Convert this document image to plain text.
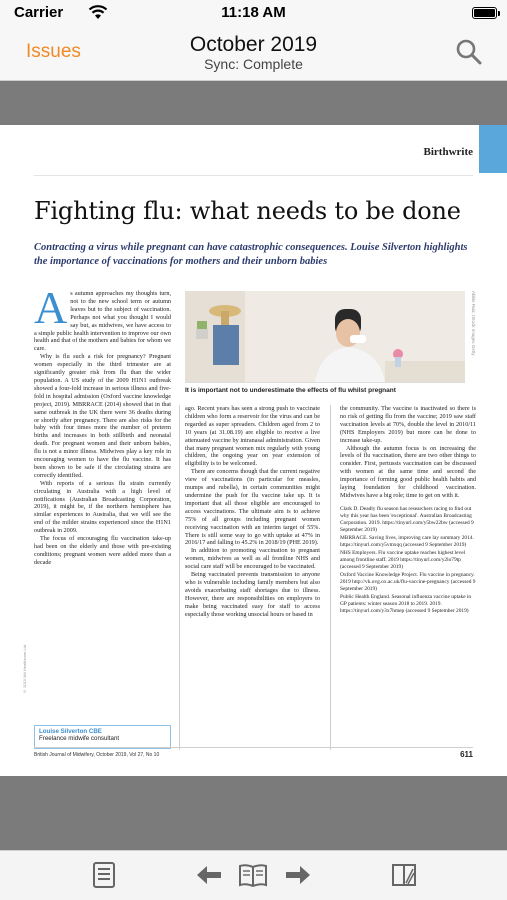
Carrier	11:18 AM
Issues	October 2019
Sync: Complete
Birthwrite
Fighting flu: what needs to be done
Contracting a virus while pregnant can have catastrophic consequences. Louise Silverton highlights the importance of vaccinations for mothers and their unborn babies
A s autumn approaches my thoughts turn, not to the new school term or autumn leaves but to the subject of vaccination. Perhaps not what you thought I would say but, as midwives, we have access to a simple public health intervention to improve our own health and that of the mothers and babies for whom we care.

Why is flu such a risk for pregnancy? Pregnant women especially in the third trimester are at significantly greater risk from flu than the wider population. A US study of the 2009 H1N1 outbreak showed a four-fold increase in serious illness and five-fold in hospital admission (Oxford vaccine knowledge project, 2019). MBRRACE (2014) showed that in that same outbreak in the UK there were 36 deaths during or shortly after pregnancy. There are also risks for the baby with four times more the number of preterm births and increases in both stillbirth and neonatal death. For pregnant women and their unborn babies, flu is not a minor illness. Midwives play a key role in encouraging women to have the flu vaccine. It has been shown to be safe if the circulating strains are correctly identified.

With reports of a serious flu strain currently circulating in Australia with a high level of notifications (Australian Broadcasting Corporation, 2019), it might be, if the northern hemisphere has similar experiences to Australia, that we will see the end of the milder strains experienced since the H1N1 outbreak in 2009.

The focus of encouraging flu vaccination take-up had been on the elderly and those with pre-existing conditions; pregnant women were added more than a decade

Abbie Ruiz, iStock Images Getty
It is important not to underestimate the effects of flu whilst pregnant

ago. Recent years has seen a strong push to vaccinate children who form a reservoir for the virus and can be regarded as super spreaders. Children aged from 2 to 10 years (at 31.08.19) are eligible to receive a live attenuated vaccine by intranasal administration. Given that many pregnant women mix regularly with young children, the ongoing year on year extension of eligibility is to be welcomed.

There are concerns though that the current negative view of vaccinations (in particular for measles, mumps and rubella), in certain communities might undermine the push for flu vaccine take up. It is important that all those eligible are encouraged to access vaccinations. The ultimate aim is to achieve 75% of all groups including pregnant women receiving vaccination with an interim target of 55%. There is still some way to go with uptake at 47% in 2016/17 and falling to 45.2% in 2018/19 (PHE 2019).

In addition to promoting vaccination to pregnant women, midwives as well as all frontline NHS and social care staff will be encouraged to be vaccinated.

Being vaccinated prevents transmission to anyone who is vulnerable including family members but also avoids exacerbating staff shortages due to illness. However, there are responsibilities on employers to make being vaccinated easy for staff to access especially those working unsocial hours or based in

the community. The vaccine is inactivated so there is no risk of getting flu from the vaccine; 2019 saw staff vaccination levels at 70%, double the level in 2010/11 (NHS Employers 2019) but more can be done to increase take-up.

Although the autumn focus is on increasing the levels of flu vaccination, there are two other things to consider. First, pertussis vaccination can be discussed with women at the same time and second the importance of forming good public health habits and laying foundation for childhood vaccination. Midwives have a big role; time to get on with it.

Clark D. Deadly flu season has researchers racing to find out why this year has been 'exceptional'. Australian Broadcasting Corporation. 2019. https://tinyurl.com/y5bw22bw (accessed 9 September 2019)
MBRRACE. Saving lives, improving care lay summary 2014. https://tinyurl.com/y5vmxqq (accessed 9 September 2019)
NHS Employers. Flu vaccine uptake reaches highest level among frontline staff. 2019 https://tinyurl.com/y2lo79tp (accessed 9 September 2019)
Oxford Vaccine Knowledge Project. Flu vaccine in pregnancy. 2019 http://vk.ovg.ox.ac.uk/flu-vaccine-pregnancy (accessed 9 September 2019)
Public Health England. Seasonal influenza vaccine uptake in GP patients: winter season 2018 to 2019. 2019. https://tinyurl.com/y3x7hmep (accessed 9 September 2019)
© 2019 MA Healthcare Ltd
Louise Silverton CBE
Freelance midwife consultant
British Journal of Midwifery, October 2019, Vol 27, No 10	611
